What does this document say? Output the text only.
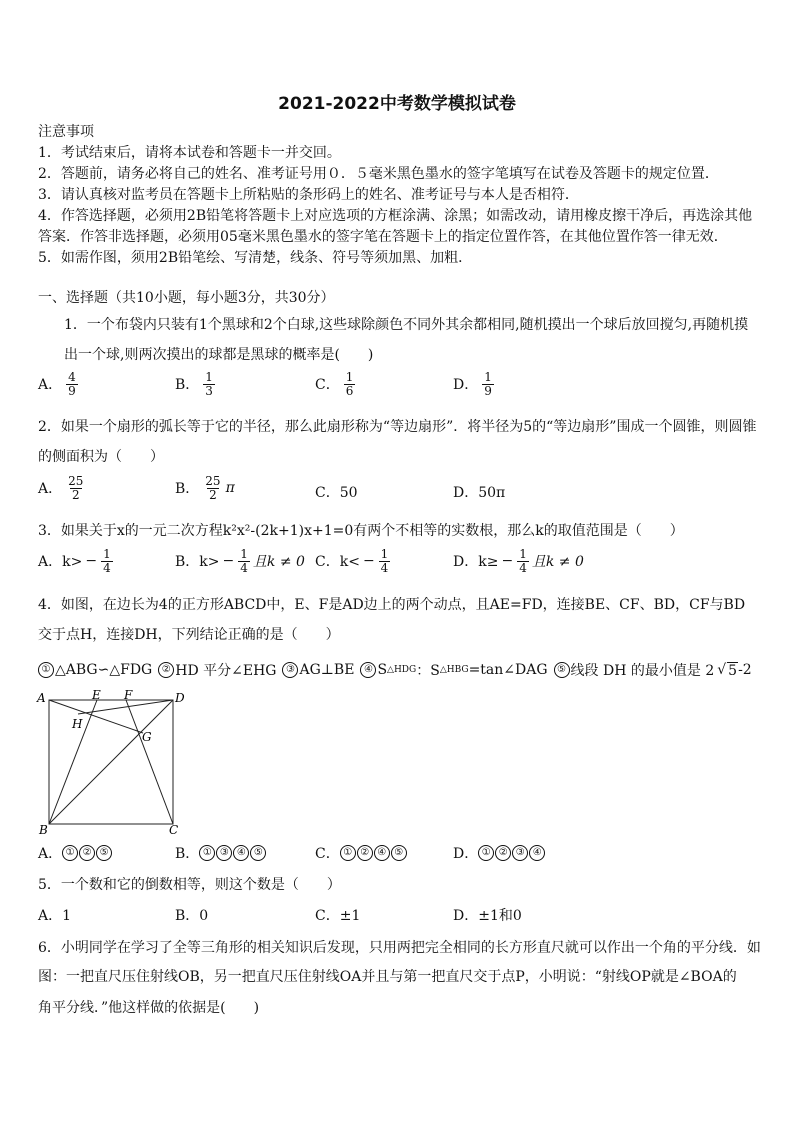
2021-2022中考数学模拟试卷
注意事项
1．考试结束后，请将本试卷和答题卡一并交回。
2．答题前，请务必将自己的姓名、准考证号用０．５毫米黑色墨水的签字笔填写在试卷及答题卡的规定位置．
3．请认真核对监考员在答题卡上所粘贴的条形码上的姓名、准考证号与本人是否相符．
4．作答选择题，必须用2B铅笔将答题卡上对应选项的方框涂满、涂黑；如需改动，请用橡皮擦干净后，再选涂其他
答案．作答非选择题，必须用05毫米黑色墨水的签字笔在答题卡上的指定位置作答，在其他位置作答一律无效．
5．如需作图，须用2B铅笔绘、写清楚，线条、符号等须加黑、加粗．
一、选择题（共10小题，每小题3分，共30分）
1．一个布袋内只装有1个黑球和2个白球,这些球除颜色不同外其余都相同,随机摸出一个球后放回搅匀,再随机摸
出一个球,则两次摸出的球都是黑球的概率是(　　)
A． $\frac{4}{9}$	B． $\frac{1}{3}$	C． $\frac{1}{6}$	D． $\frac{1}{9}$
2．如果一个扇形的弧长等于它的半径，那么此扇形称为“等边扇形”．将半径为5的“等边扇形”围成一个圆锥，则圆锥
的侧面积为（　　）
A． $\frac{25}{2}$	B． $\frac{25}{2}$ π	C．50	D．50π
3．如果关于x的一元二次方程k²x²-(2k+1)x+1=0有两个不相等的实数根，那么k的取值范围是（　　）
A．$k> - \frac{1}{4}$	B．$k> - \frac{1}{4}$ 且k ≠ 0 C．$k< - \frac{1}{4}$	D．$k\ge - \frac{1}{4}$ 且k ≠ 0
4．如图，在边长为4的正方形ABCD中，E、F是AD边上的两个动点，且AE=FD，连接BE、CF、BD，CF与BD
交于点H，连接DH，下列结论正确的是（　　）
① △ABG∽△FDG ② HD 平分∠EHG ③ AG⊥BE ④ S △HDG ：S △HBG =tan∠DAG ⑤ 线段 DH 的最小值是 2 √ 5 -2
A	E F	D
H
G
B	C
A． ① ② ⑤	B． ① ③ ④ ⑤	C． ① ② ④ ⑤	D． ① ② ③ ④
5．一个数和它的倒数相等，则这个数是（　　）
A．1	B．0	C．±1	D．±1和0
6．小明同学在学习了全等三角形的相关知识后发现，只用两把完全相同的长方形直尺就可以作出一个角的平分线．如
图：一把直尺压住射线OB，另一把直尺压住射线OA并且与第一把直尺交于点P，小明说：“射线OP就是∠BOA的
角平分线．”他这样做的依据是(　　)
